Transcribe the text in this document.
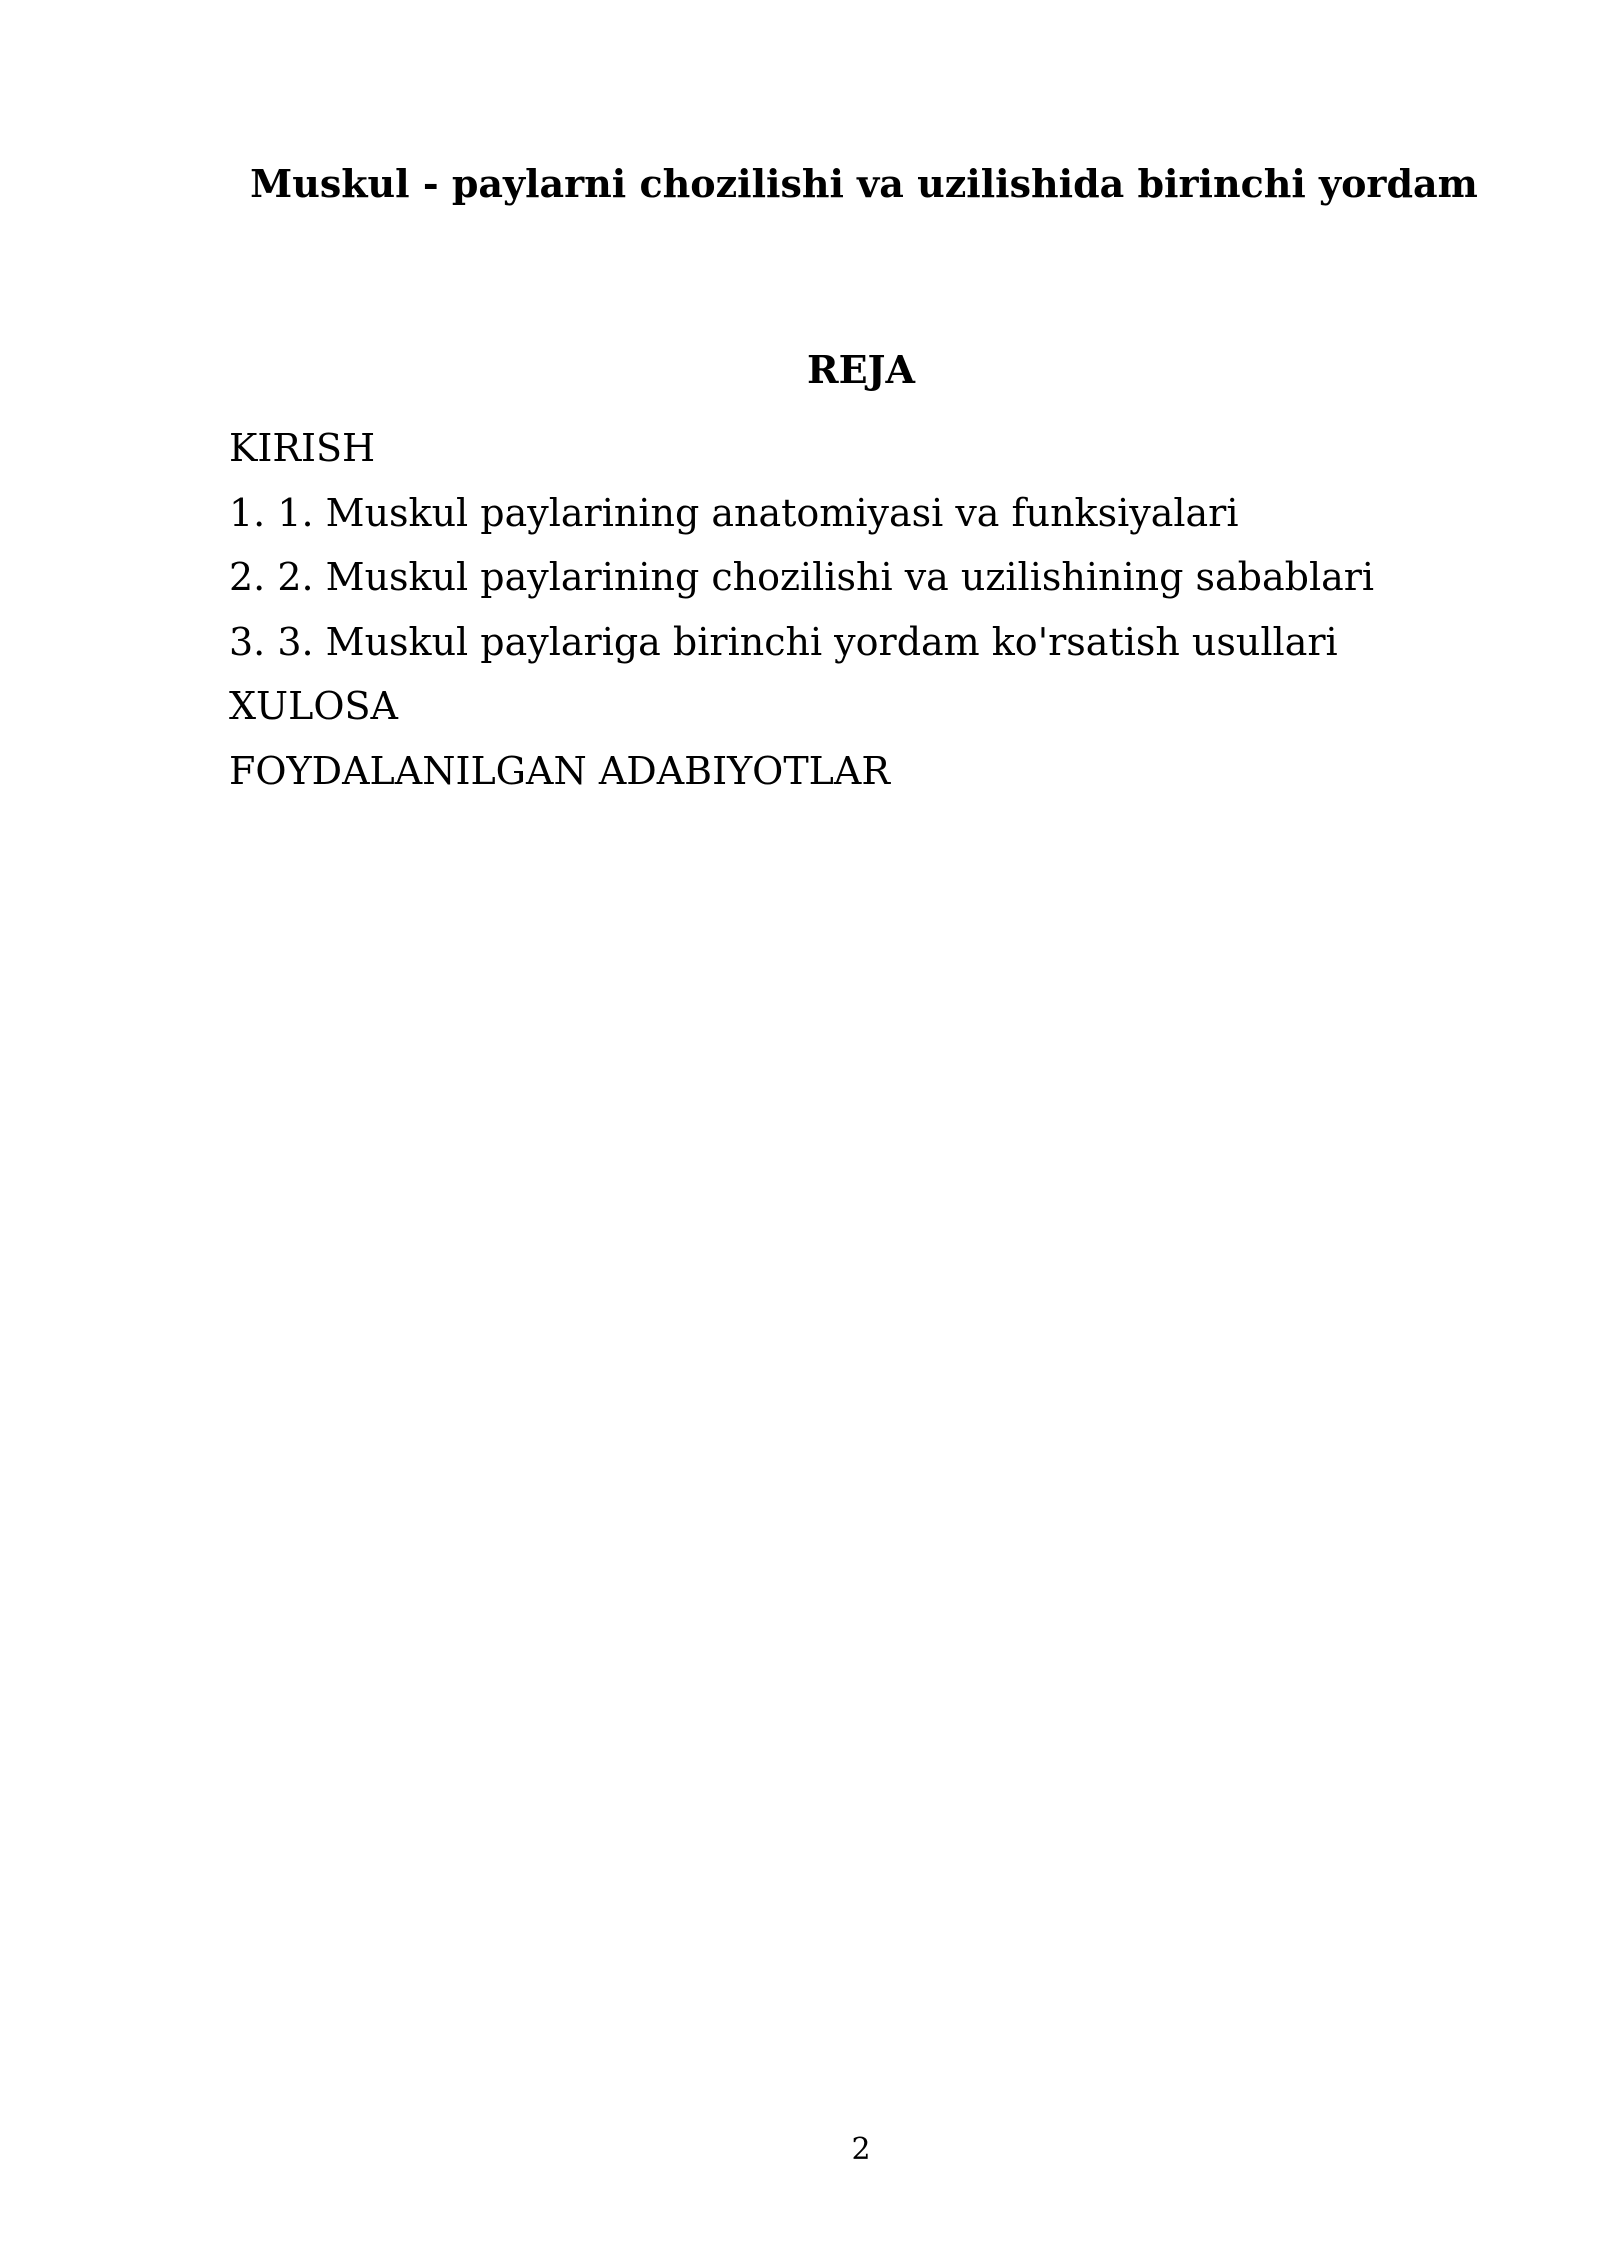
Muskul - paylarni chozilishi va uzilishida birinchi yordam
REJA
KIRISH
1. 1. Muskul paylarining anatomiyasi va funksiyalari
2. 2. Muskul paylarining chozilishi va uzilishining sabablari
3. 3. Muskul paylariga birinchi yordam ko'rsatish usullari
XULOSA
FOYDALANILGAN ADABIYOTLAR
2
